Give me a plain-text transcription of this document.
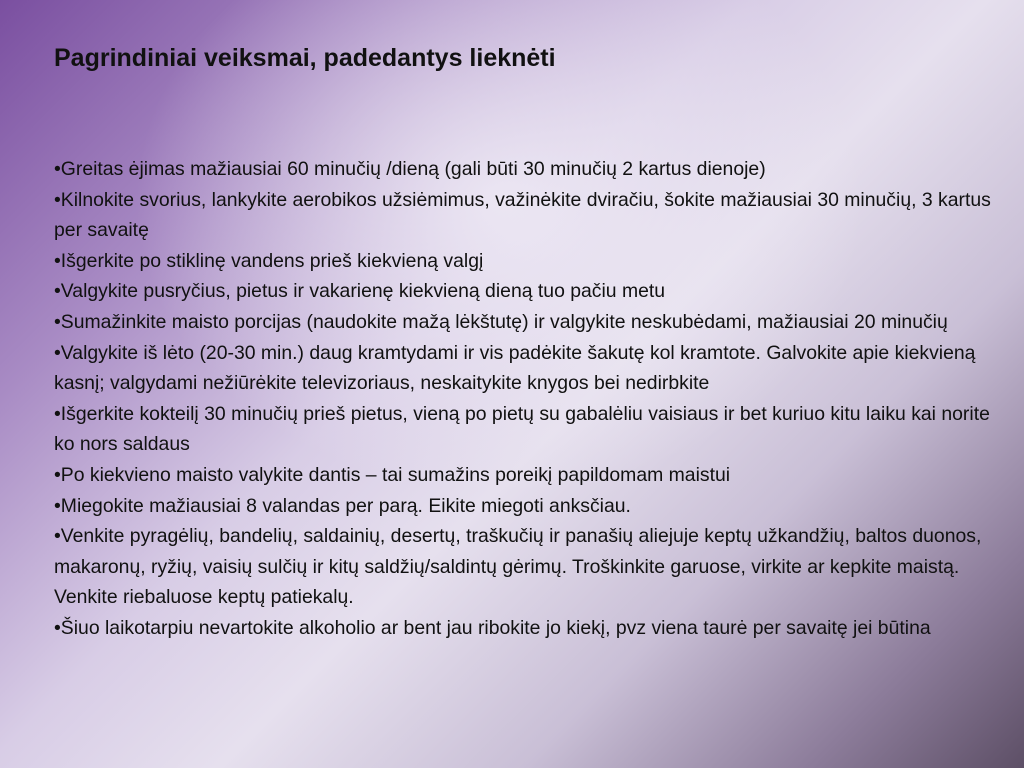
Pagrindiniai veiksmai, padedantys lieknėti
•Greitas ėjimas mažiausiai 60 minučių /dieną (gali būti 30 minučių 2 kartus dienoje)
•Kilnokite svorius, lankykite aerobikos užsiėmimus, važinėkite dviračiu, šokite mažiausiai 30 minučių, 3 kartus per savaitę
•Išgerkite po stiklinę vandens prieš kiekvieną valgį
•Valgykite pusryčius, pietus ir vakarienę kiekvieną dieną tuo pačiu metu
•Sumažinkite maisto porcijas (naudokite mažą lėkštutę) ir valgykite neskubėdami, mažiausiai 20 minučių
•Valgykite iš lėto (20-30 min.) daug kramtydami ir vis padėkite šakutę kol kramtote. Galvokite apie kiekvieną kasnį; valgydami nežiūrėkite televizoriaus, neskaitykite knygos bei nedirbkite
•Išgerkite kokteilį 30 minučių prieš pietus, vieną po pietų su gabalėliu vaisiaus ir bet kuriuo kitu laiku kai norite ko nors saldaus
•Po kiekvieno maisto valykite dantis – tai sumažins poreikį papildomam maistui
•Miegokite mažiausiai 8 valandas per parą. Eikite miegoti anksčiau.
•Venkite pyragėlių, bandelių, saldainių, desertų, traškučių ir panašių aliejuje keptų užkandžių, baltos duonos, makaronų, ryžių, vaisių sulčių ir kitų saldžių/saldintų gėrimų. Troškinkite garuose, virkite ar kepkite maistą. Venkite riebaluose keptų patiekalų.
•Šiuo laikotarpiu nevartokite alkoholio ar bent jau ribokite jo kiekį, pvz viena taurė per savaitę jei būtina
